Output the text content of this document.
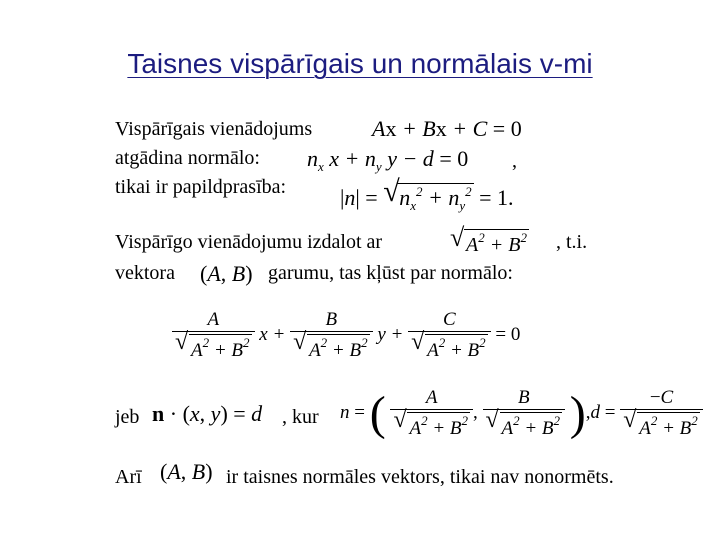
Taisnes vispārīgais un normālais v-mi
Vispārīgais vienādojums	Ax + Bx + C = 0
atgādina normālo: $n_x$ $x + n_y$ y − d = 0 ,
tikai ir papildprasība: |n| = √ $n_x^2 + n_y^2 = 1$.
Vispārīgo vienādojumu izdalot ar	√ $A^2 + B^2$ , t.i.
vektora (A, B) garumu, tas kļūst par normālo:
$\frac{A}{√ A^2 + B^2}$ $x + \frac{B}{√ A^2 + B^2}$ $y + \frac{C}{√ A^2 + B^2} = 0$
jeb n · (x, y) = d , kur n = ( $\frac{A}{√ A^2 + B^2}$ , $\frac{B}{√ A^2 + B^2} ),d = \frac{-C}{√ A^2 + B^2}$
Arī (A, B) ir taisnes normāles vektors, tikai nav nonormēts.
